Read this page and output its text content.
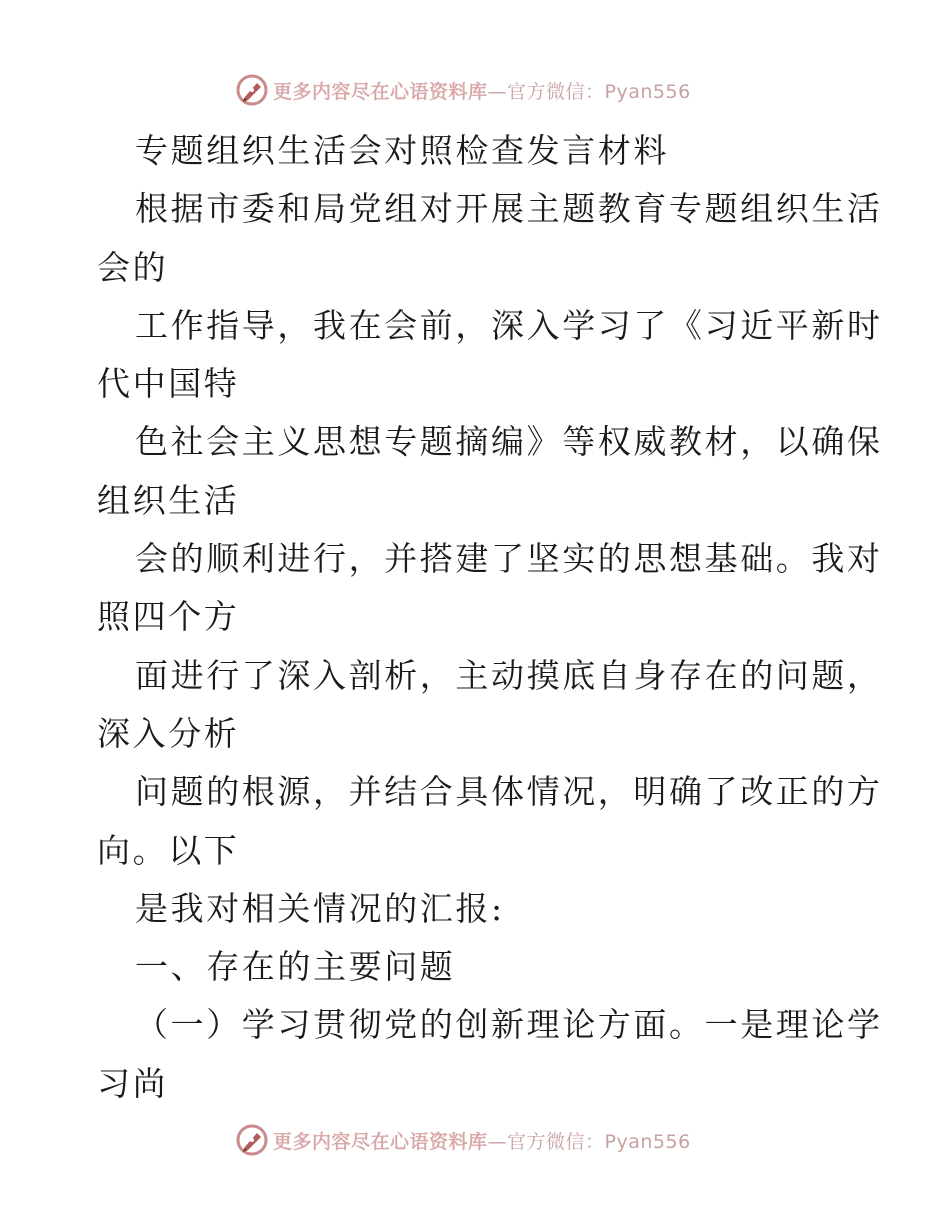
更多内容尽在心语资料库—官方微信：Pyan556
专题组织生活会对照检查发言材料
根据市委和局党组对开展主题教育专题组织生活
会的
工作指导，我在会前，深入学习了《习近平新时
代中国特
色社会主义思想专题摘编》等权威教材，以确保
组织生活
会的顺利进行，并搭建了坚实的思想基础。我对
照四个方
面进行了深入剖析，主动摸底自身存在的问题，
深入分析
问题的根源，并结合具体情况，明确了改正的方
向。以下
是我对相关情况的汇报:
一、存在的主要问题
（一）学习贯彻党的创新理论方面。一是理论学
习尚
更多内容尽在心语资料库—官方微信：Pyan556
